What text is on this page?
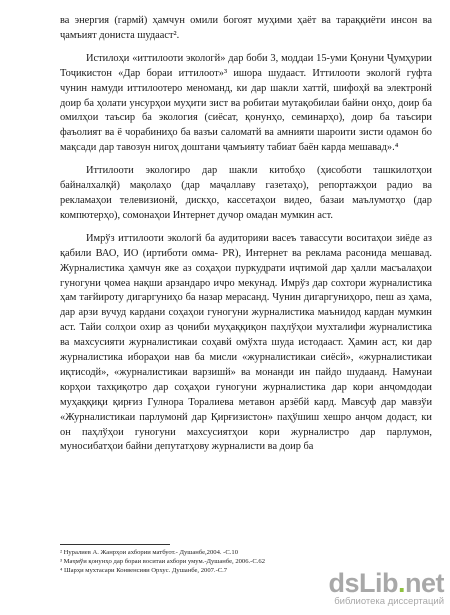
ва энергия (гармй) ҳамчун омили богоят муҳими ҳаёт ва тараққиёти инсон ва ҷамъият дониста шудааст².

Истилоҳи «иттилооти экологй» дар боби 3, моддаи 15-уми Қонуни Ҷумҳурии Тоҷикистон «Дар бораи иттилоот»³ ишора шудааст. Иттилооти экологй гуфта чунин намуди иттилоотеро меноманд, ки дар шакли хаттй, шифоҳй ва электронй доир ба ҳолати унсурҳои муҳити зист ва робитаи мутақобилаи байни онҳо, доир ба омилҳои таъсир ба экология (сиёсат, қонунҳо, семинарҳо), доир ба таъсири фаъолият ва ё чорабиниҳо ба вазъи саломатй ва амнияти шароити зисти одамон бо мақсади дар тавозун нигоҳ доштани ҷамъияту табиат баён карда мешавад».⁴

Иттилооти экологиро дар шакли китобҳо (ҳисоботи ташкилотҳои байналхалқй) мақолаҳо (дар маҷаллаву газетаҳо), репортажҳои радио ва рекламаҳои телевизионй, дискҳо, кассетаҳои видео, базаи маълумотҳо (дар компютерҳо), сомонаҳои Интернет дучор омадан мумкин аст.

Имрўз иттилооти экологй ба аудиторияи васеъ тавассути воситаҳои зиёде аз қабили ВАО, ИО (иртиботи омма- PR), Интернет ва реклама расонида мешавад. Журналистика ҳамчун яке аз соҳаҳои пуркудрати иҷтимой дар ҳалли масъалаҳои гуногуни ҷомеа нақши арзандаро ичро мекунад. Имрўз дар сохтори журналистика ҳам тағйироту дигаргуниҳо ба назар мерасанд. Чунин дигаргуниҳоро, пеш аз ҳама, дар арзи вучуд кардани соҳаҳои гуногуни журналистика маънидод кардан мумкин аст. Тайи солҳои охир аз ҷониби муҳаққиқон паҳлўҳои мухталифи журналистика ва махсусияти журналистикаи соҳавй омўхта шуда истодааст. Ҳамин аст, ки дар журналистика ибораҳои нав ба мисли «журналистикаи сиёсй», «журналистикаи иқтисодй», «журналистикаи варзишй» ва монанди ин пайдо шудаанд. Намунаи корҳои тахқиқотро дар соҳаҳои гуногуни журналистика дар кори анҷомдодаи муҳаққиқи қирғиз Гулнора Торалиева метавон арзёбй кард. Мавсуф дар мавзўи «Журналистикаи парлумонй дар Қирғизистон» паҳўшиш хешро анҷом додаст, ки он паҳлўҳои гуногуни махсусиятҳои кори журналистро дар парлумон, муносибатҳои байни депутатҳову журналисти ва доир ба

² Нуралиев А. Жанрҳои ахбории матбуот.- Душанбе,2004. -С.10
³ Маҷмўи қонунҳо дар бораи воситаи ахбори умум.-Душанбе, 2006.-С.62
⁴ Шарҳи мухтасари Конвенсияи Орхус. Душанбе, 2007.-С.7	dsLib.net
библиотека диссертаций
